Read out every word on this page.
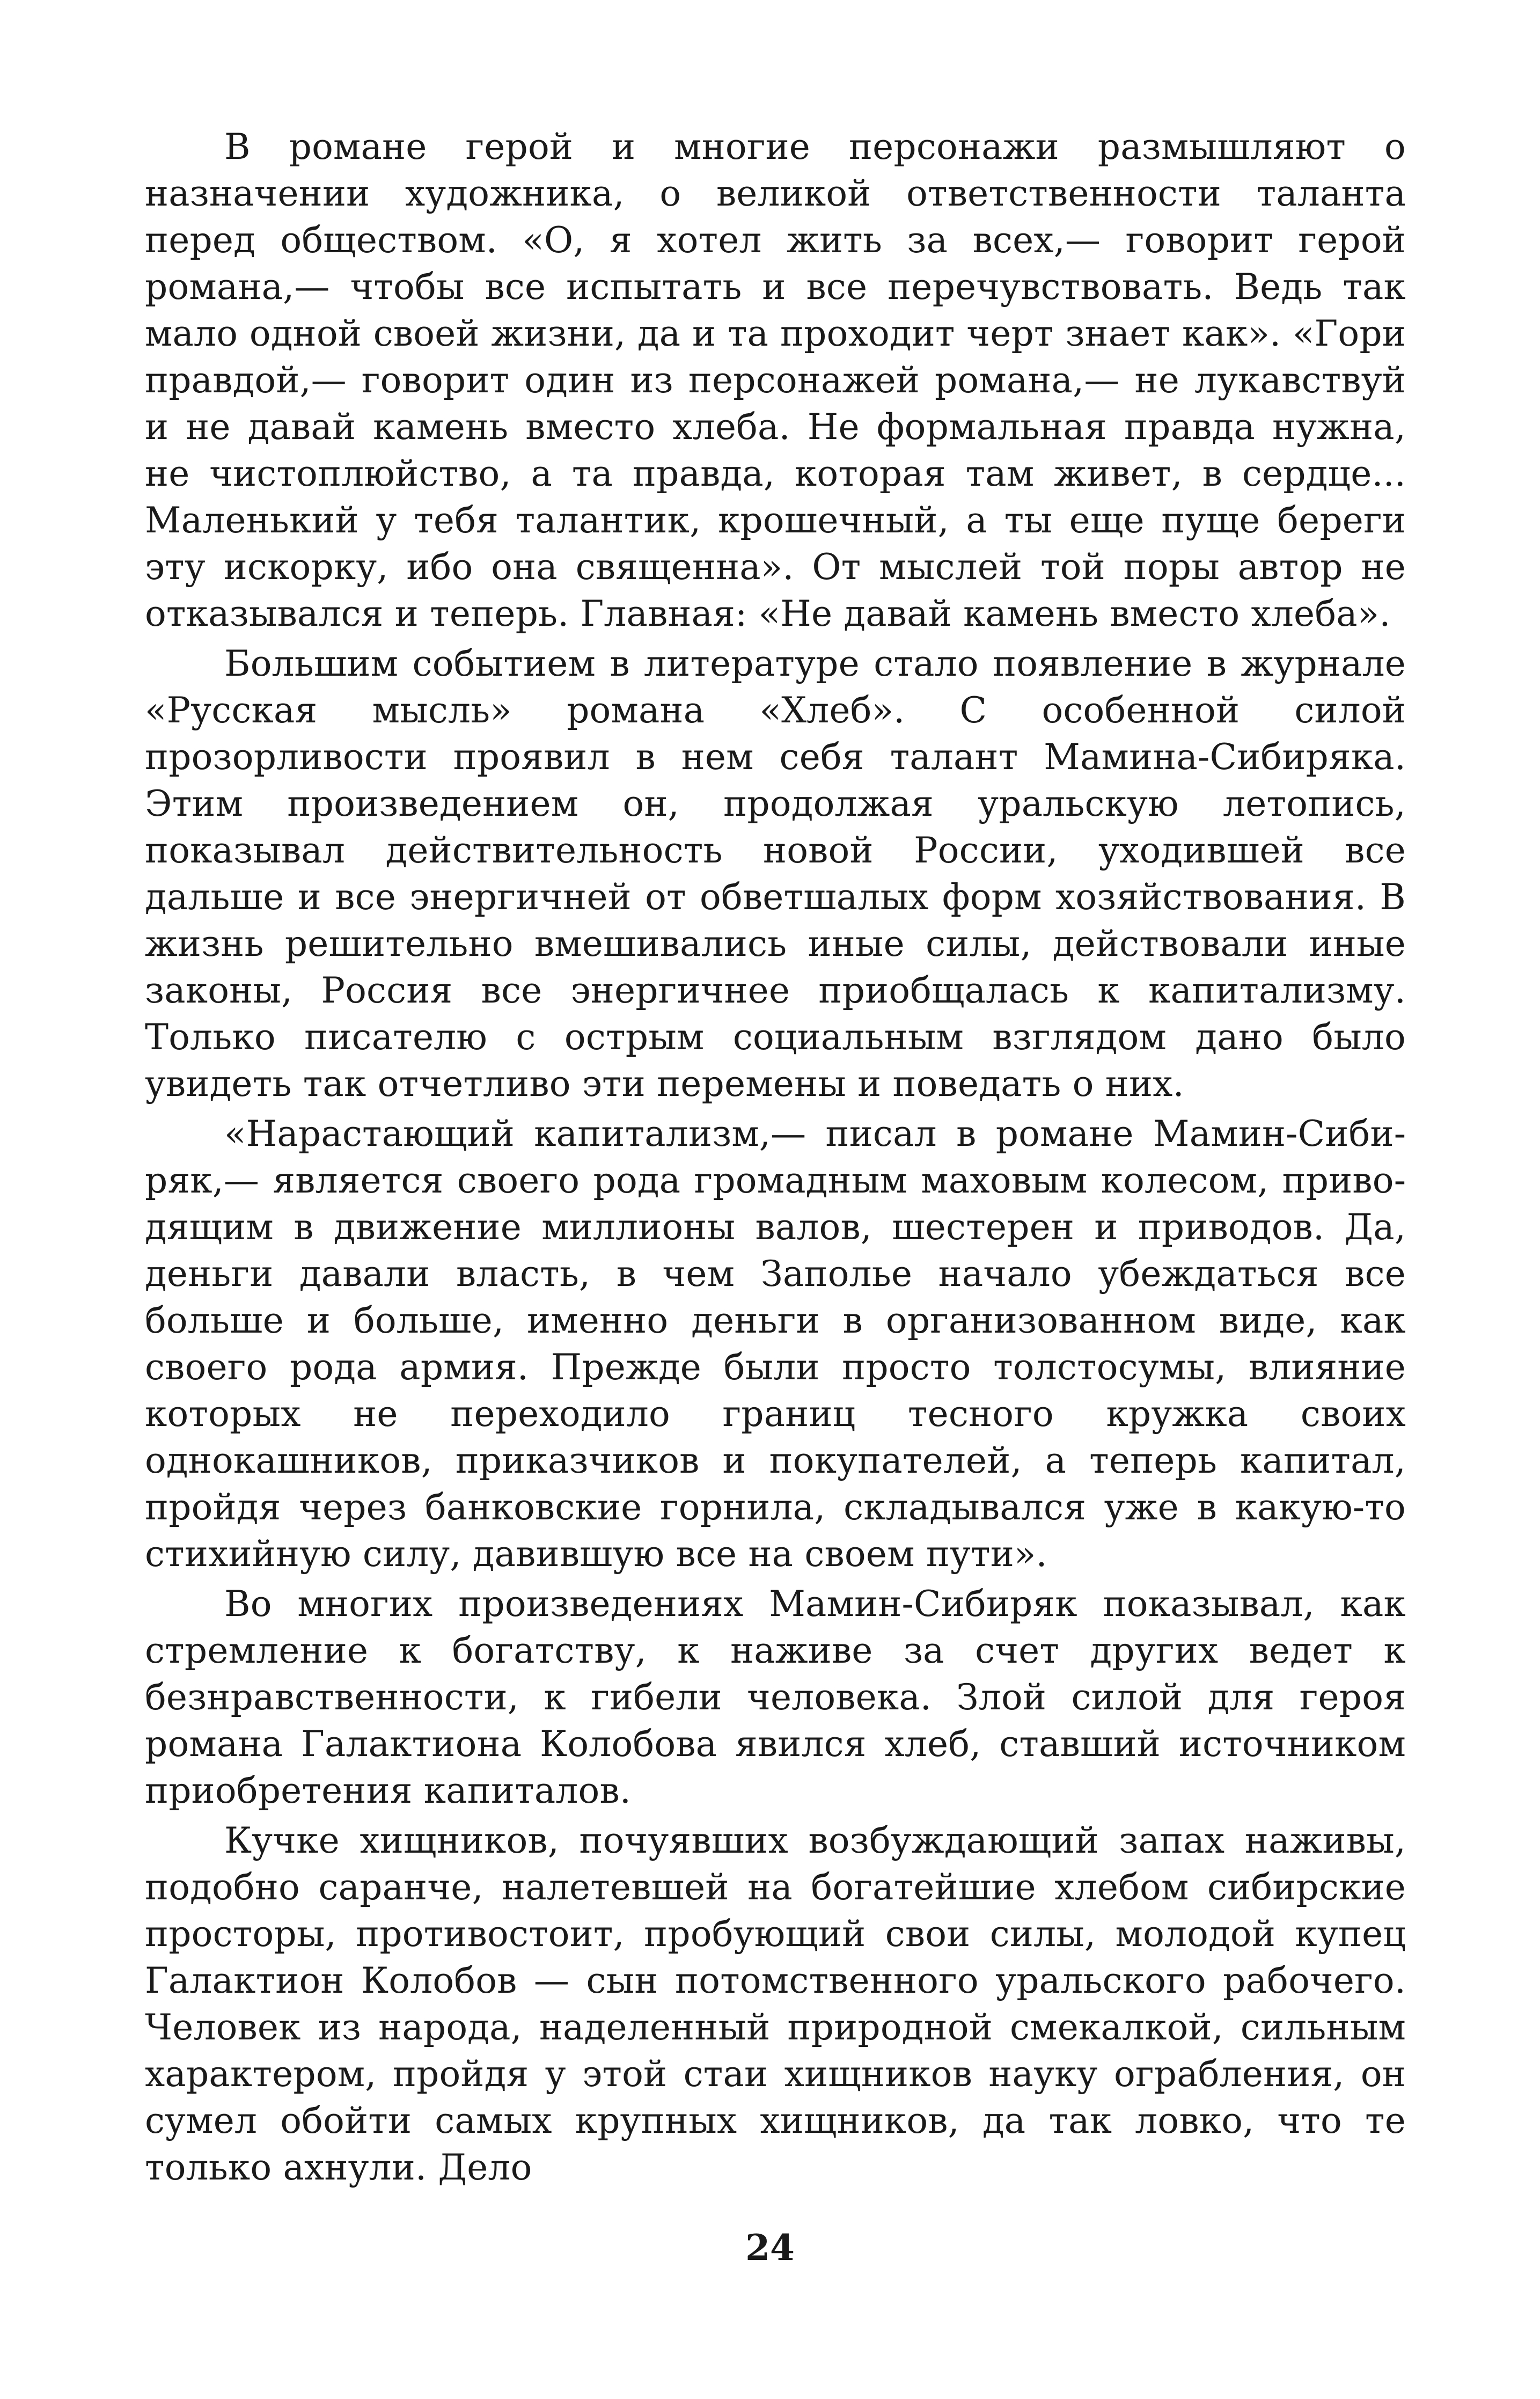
В романе герой и многие персонажи размышляют о назначении художника, о великой ответственности таланта перед обществом. «О, я хотел жить за всех,— говорит герой романа,— чтобы все испытать и все перечувствовать. Ведь так мало одной своей жизни, да и та проходит черт знает как». «Гори правдой,— говорит один из персонажей романа,— не лукавствуй и не давай камень вместо хлеба. Не формальная правда нужна, не чистоплюйство, а та правда, которая там живет, в сердце... Маленький у тебя талантик, крошечный, а ты еще пуще береги эту искорку, ибо она священна». От мыслей той поры автор не отказывался и теперь. Главная: «Не давай камень вместо хлеба».

Большим событием в литературе стало появление в журнале «Русская мысль» романа «Хлеб». С особенной силой прозорливости проявил в нем себя талант Мамина-Сибиряка. Этим произведением он, продолжая уральскую летопись, показывал действительность новой России, уходившей все дальше и все энергичней от обветшалых форм хозяйствования. В жизнь решительно вмешивались иные силы, действовали иные законы, Россия все энергичнее приобщалась к капитализму. Только писателю с острым социальным взглядом дано было увидеть так отчетливо эти перемены и поведать о них.

«Нарастающий капитализм,— писал в романе Мамин-Сибиряк,— является своего рода громадным маховым колесом, приводящим в движение миллионы валов, шестерен и приводов. Да, деньги давали власть, в чем Заполье начало убеждаться все больше и больше, именно деньги в организованном виде, как своего рода армия. Прежде были просто толстосумы, влияние которых не переходило границ тесного кружка своих однокашников, приказчиков и покупателей, а теперь капитал, пройдя через банковские горнила, складывался уже в какую-то стихийную силу, давившую все на своем пути».

Во многих произведениях Мамин-Сибиряк показывал, как стремление к богатству, к наживе за счет других ведет к безнравственности, к гибели человека. Злой силой для героя романа Галактиона Колобова явился хлеб, ставший источником приобретения капиталов.

Кучке хищников, почуявших возбуждающий запах наживы, подобно саранче, налетевшей на богатейшие хлебом сибирские просторы, противостоит, пробующий свои силы, молодой купец Галактион Колобов — сын потомственного уральского рабочего. Человек из народа, наделенный природной смекалкой, сильным характером, пройдя у этой стаи хищников науку ограбления, он сумел обойти самых крупных хищников, да так ловко, что те только ахнули. Дело

24
